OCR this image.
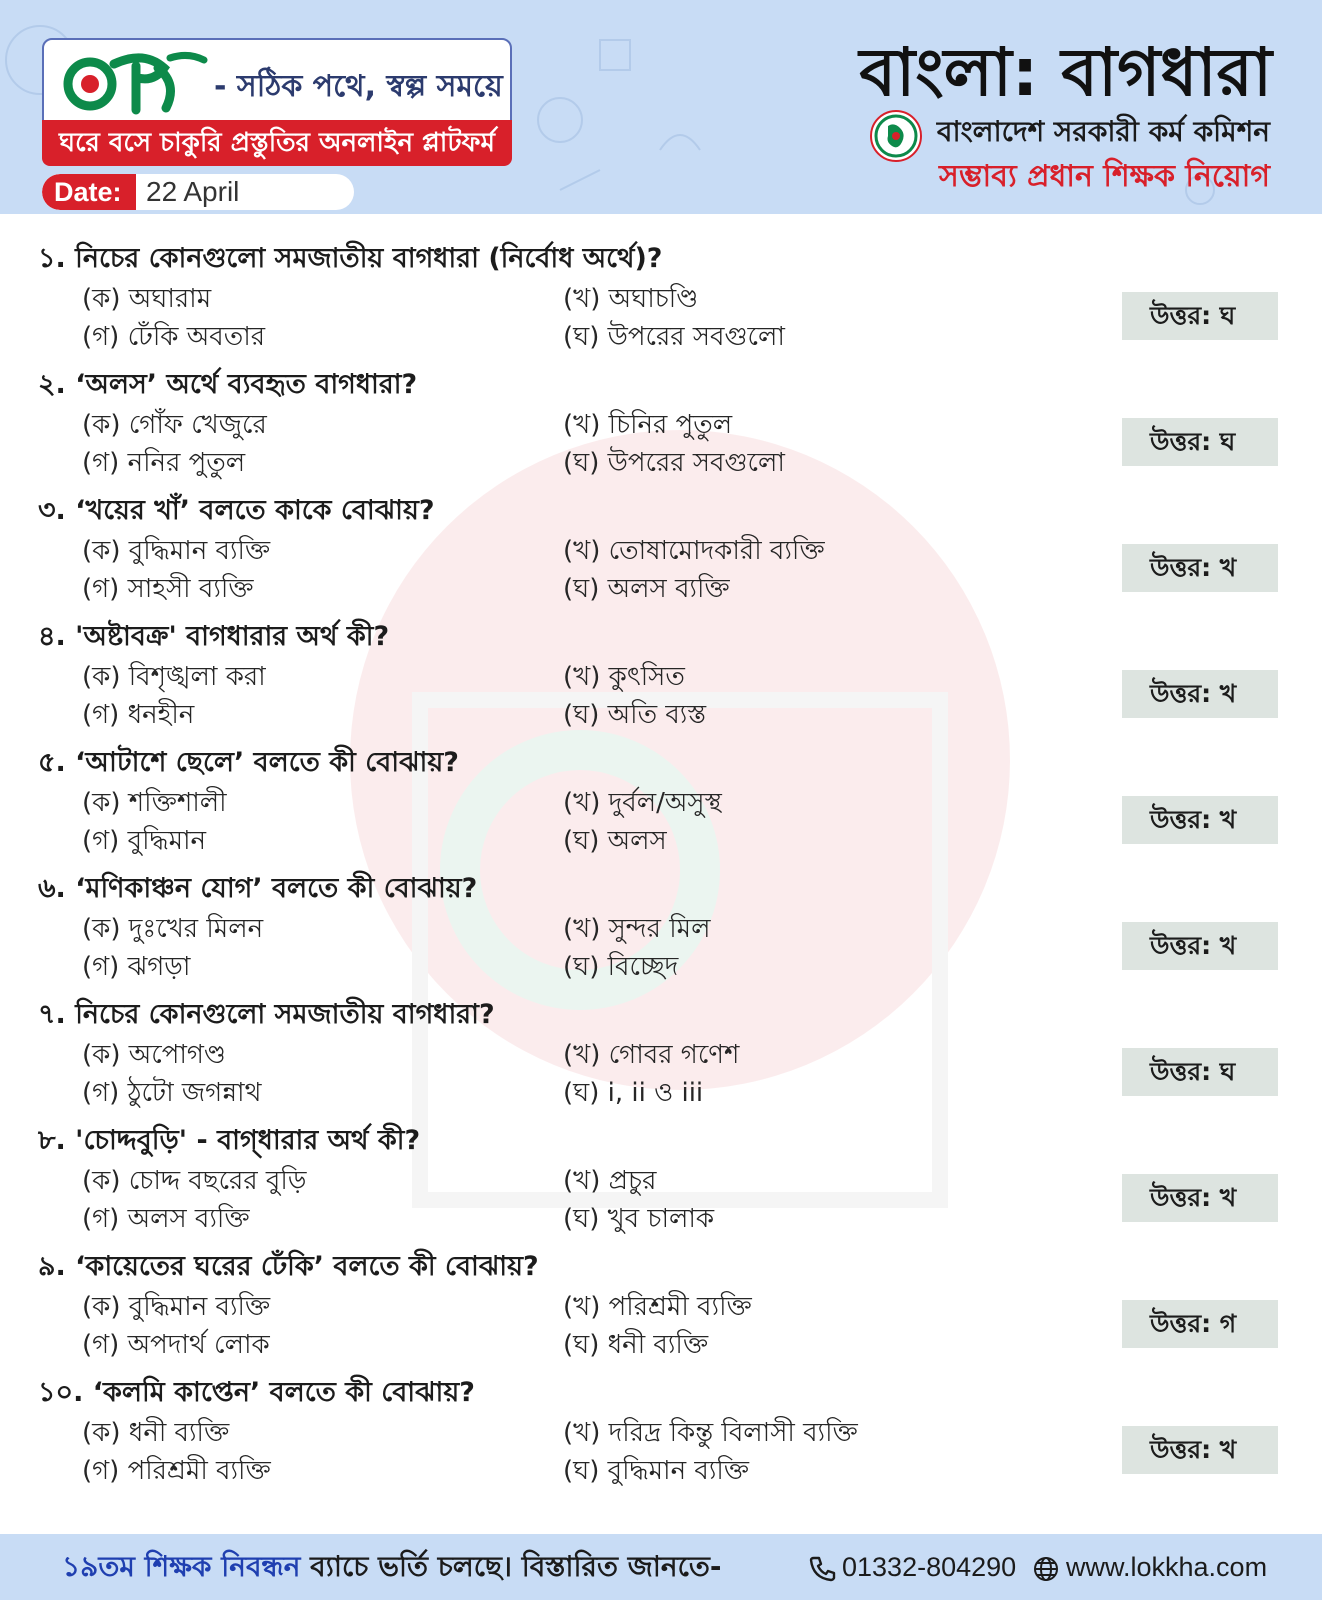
- সঠিক পথে, স্বল্প সময়ে
ঘরে বসে চাকুরি প্রস্তুতির অনলাইন প্লাটফর্ম
Date: 22 April
বাংলা: বাগধারা
বাংলাদেশ সরকারী কর্ম কমিশন
সম্ভাব্য প্রধান শিক্ষক নিয়োগ
১. নিচের কোনগুলো সমজাতীয় বাগধারা (নির্বোধ অর্থে)?
(ক) অঘারাম	(খ) অঘাচণ্ডি
(গ) ঢেঁকি অবতার	(ঘ) উপরের সবগুলো
উত্তর: ঘ
২. ‘অলস’ অর্থে ব্যবহৃত বাগধারা?
(ক) গোঁফ খেজুরে	(খ) চিনির পুতুল
(গ) ননির পুতুল	(ঘ) উপরের সবগুলো
উত্তর: ঘ
৩. ‘খয়ের খাঁ’ বলতে কাকে বোঝায়?
(ক) বুদ্ধিমান ব্যক্তি	(খ) তোষামোদকারী ব্যক্তি
(গ) সাহসী ব্যক্তি	(ঘ) অলস ব্যক্তি
উত্তর: খ
৪. 'অষ্টাবক্র' বাগধারার অর্থ কী?
(ক) বিশৃঙ্খলা করা	(খ) কুৎসিত
(গ) ধনহীন	(ঘ) অতি ব্যস্ত
উত্তর: খ
৫. ‘আটাশে ছেলে’ বলতে কী বোঝায়?
(ক) শক্তিশালী	(খ) দুর্বল/অসুস্থ
(গ) বুদ্ধিমান	(ঘ) অলস
উত্তর: খ
৬. ‘মণিকাঞ্চন যোগ’ বলতে কী বোঝায়?
(ক) দুঃখের মিলন	(খ) সুন্দর মিল
(গ) ঝগড়া	(ঘ) বিচ্ছেদ
উত্তর: খ
৭. নিচের কোনগুলো সমজাতীয় বাগধারা?
(ক) অপোগণ্ড	(খ) গোবর গণেশ
(গ) ঠুটো জগন্নাথ	(ঘ) i, ii ও iii
উত্তর: ঘ
৮. 'চোদ্দবুড়ি' - বাগ্‌ধারার অর্থ কী?
(ক) চোদ্দ বছরের বুড়ি	(খ) প্রচুর
(গ) অলস ব্যক্তি	(ঘ) খুব চালাক
উত্তর: খ
৯. ‘কায়েতের ঘরের ঢেঁকি’ বলতে কী বোঝায়?
(ক) বুদ্ধিমান ব্যক্তি	(খ) পরিশ্রমী ব্যক্তি
(গ) অপদার্থ লোক	(ঘ) ধনী ব্যক্তি
উত্তর: গ
১০. ‘কলমি কাপ্তেন’ বলতে কী বোঝায়?
(ক) ধনী ব্যক্তি	(খ) দরিদ্র কিন্তু বিলাসী ব্যক্তি
(গ) পরিশ্রমী ব্যক্তি	(ঘ) বুদ্ধিমান ব্যক্তি
উত্তর: খ
১৯তম শিক্ষক নিবন্ধন ব্যাচে ভর্তি চলছে। বিস্তারিত জানতে-	01332-804290	www.lokkha.com
